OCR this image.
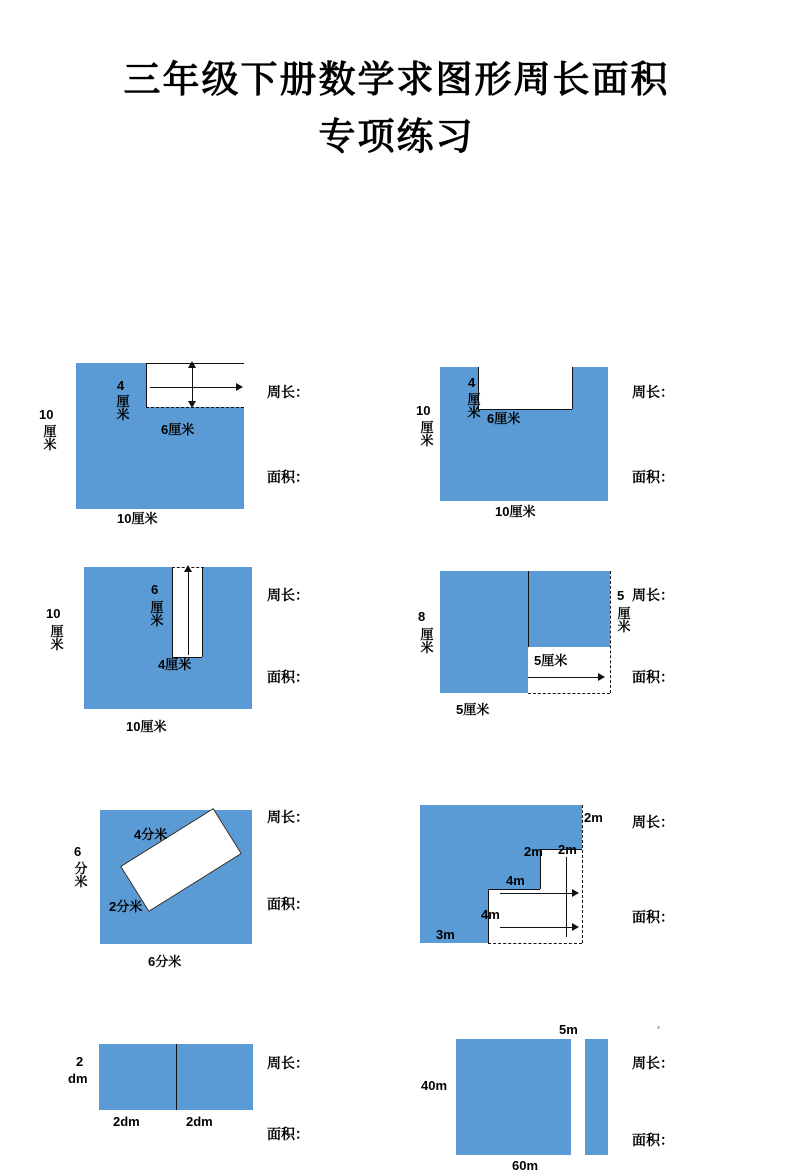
三年级下册数学求图形周长面积
专项练习
4
厘米
6厘米
10
厘米
10厘米
周长：
面积：
4
厘米 6厘米
10
厘米
10厘米
周长：
面积：
6
厘米
4厘米
10
厘米
10厘米
周长：
面积：
5
厘米
5厘米
8
厘米
5厘米
周长：
面积：
4分米
2分米
6
分米
6分米
周长：
面积：
2m
2m 2m
4m
4m
3m
周长：
面积：
2
dm
2dm	2dm
周长：
面积：
5m
40m
60m
周长：
面积：
